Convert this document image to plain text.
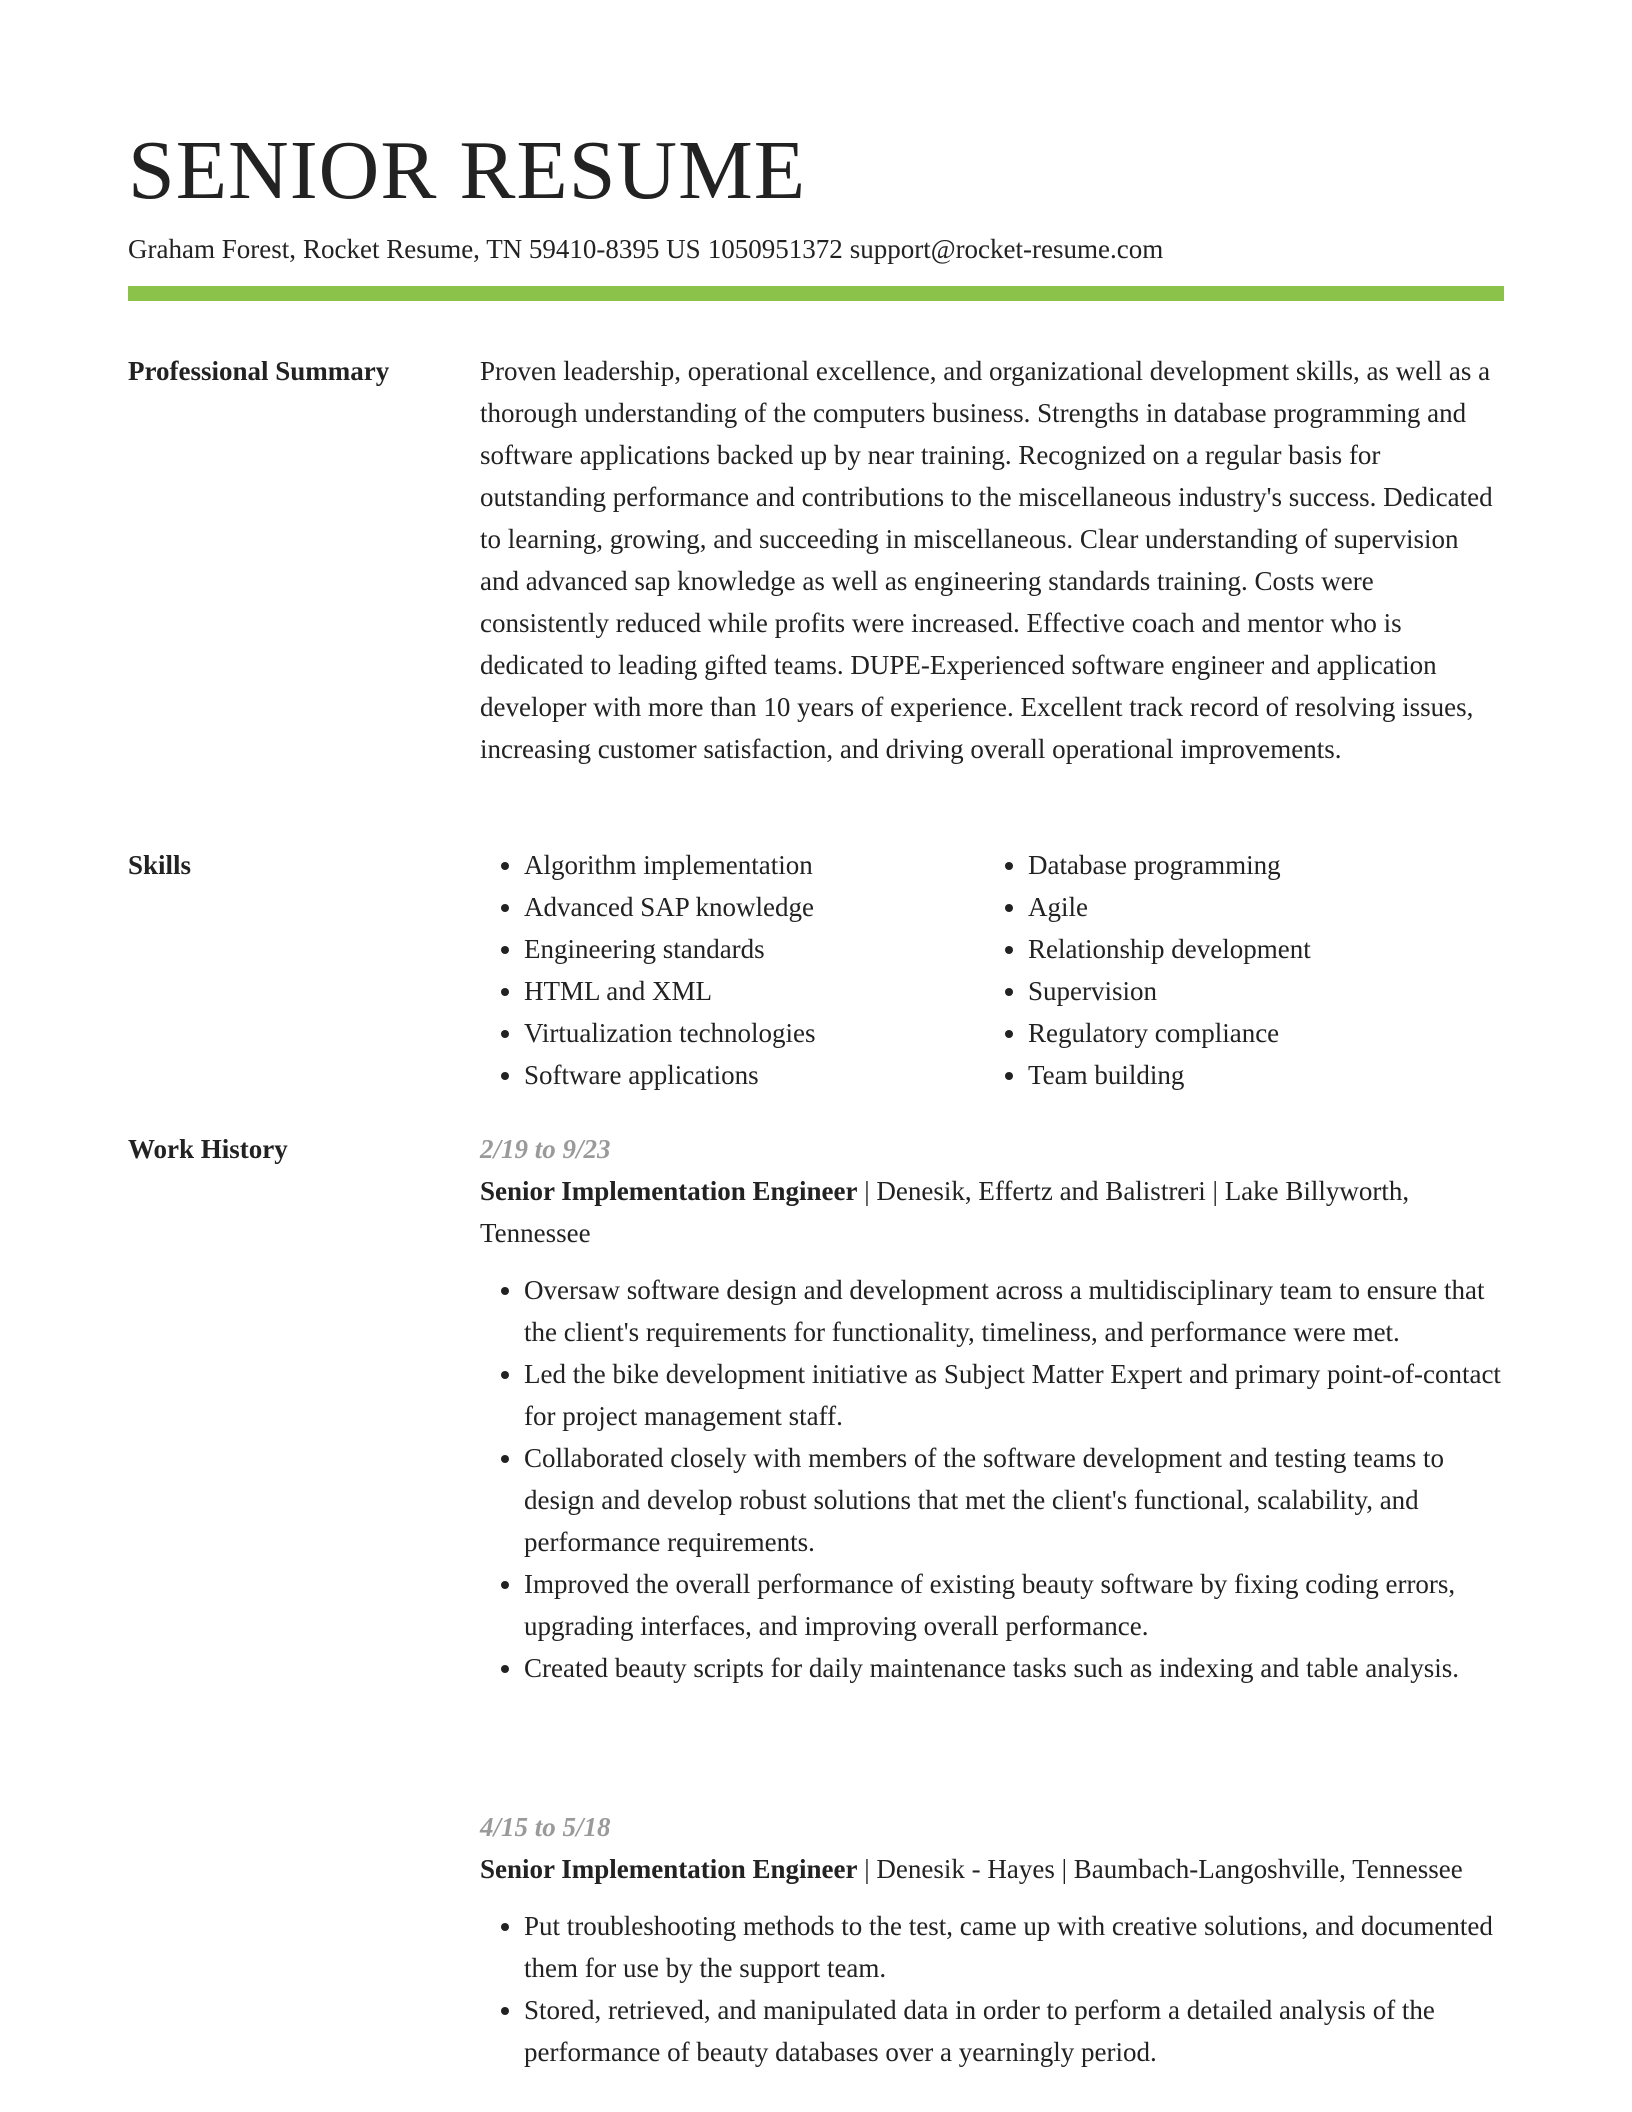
SENIOR RESUME
Graham Forest, Rocket Resume, TN 59410-8395 US 1050951372 support@rocket-resume.com
Professional Summary	Proven leadership, operational excellence, and organizational development skills, as well as a thorough understanding of the computers business. Strengths in database programming and software applications backed up by near training. Recognized on a regular basis for outstanding performance and contributions to the miscellaneous industry's success. Dedicated to learning, growing, and succeeding in miscellaneous. Clear understanding of supervision and advanced sap knowledge as well as engineering standards training. Costs were consistently reduced while profits were increased. Effective coach and mentor who is dedicated to leading gifted teams. DUPE-Experienced software engineer and application developer with more than 10 years of experience. Excellent track record of resolving issues, increasing customer satisfaction, and driving overall operational improvements.

Skills
•	Algorithm implementation
• Advanced SAP knowledge
• Engineering standards
• HTML and XML
• Virtualization technologies
• Software applications
• Database programming
• Agile
• Relationship development
• Supervision
• Regulatory compliance
• Team building
Work History	2/19 to 9/23
Senior Implementation Engineer | Denesik, Effertz and Balistreri | Lake Billyworth, Tennessee
• Oversaw software design and development across a multidisciplinary team to ensure that the client's requirements for functionality, timeliness, and performance were met.
• Led the bike development initiative as Subject Matter Expert and primary point-of-contact for project management staff.
• Collaborated closely with members of the software development and testing teams to design and develop robust solutions that met the client's functional, scalability, and performance requirements.
• Improved the overall performance of existing beauty software by fixing coding errors, upgrading interfaces, and improving overall performance.
• Created beauty scripts for daily maintenance tasks such as indexing and table analysis.
4/15 to 5/18
Senior Implementation Engineer | Denesik - Hayes | Baumbach-Langoshville, Tennessee
• Put troubleshooting methods to the test, came up with creative solutions, and documented them for use by the support team.
• Stored, retrieved, and manipulated data in order to perform a detailed analysis of the performance of beauty databases over a yearningly period.
